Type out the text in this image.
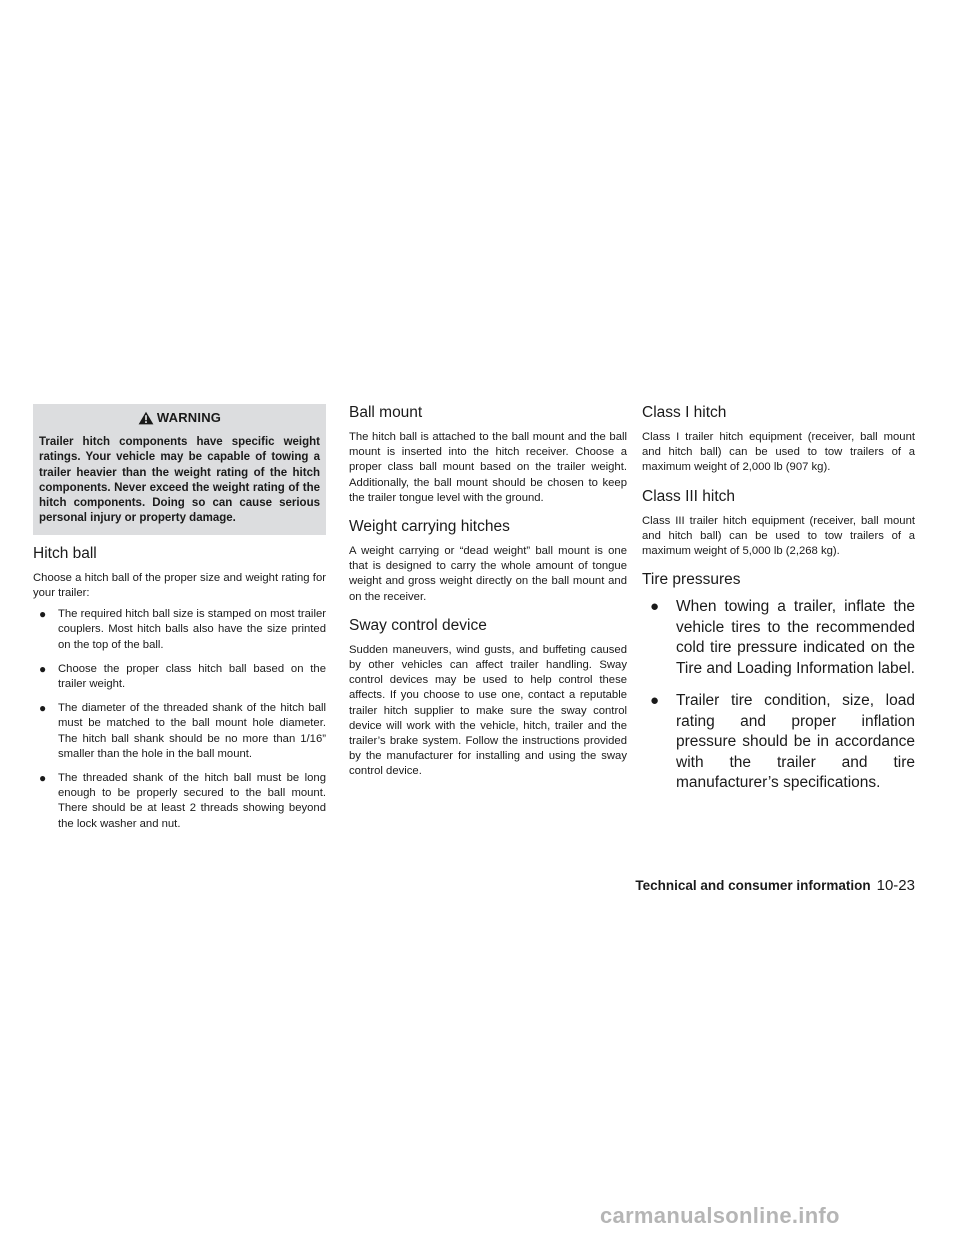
WARNING

Trailer hitch components have specific weight ratings. Your vehicle may be capable of towing a trailer heavier than the weight rating of the hitch components. Never exceed the weight rating of the hitch components. Doing so can cause serious personal injury or property damage.

Hitch ball

Choose a hitch ball of the proper size and weight rating for your trailer:

● The required hitch ball size is stamped on most trailer couplers. Most hitch balls also have the size printed on the top of the ball.
● Choose the proper class hitch ball based on the trailer weight.
● The diameter of the threaded shank of the hitch ball must be matched to the ball mount hole diameter. The hitch ball shank should be no more than 1/16” smaller than the hole in the ball mount.
● The threaded shank of the hitch ball must be long enough to be properly secured to the ball mount. There should be at least 2 threads showing beyond the lock washer and nut.
Ball mount

The hitch ball is attached to the ball mount and the ball mount is inserted into the hitch receiver. Choose a proper class ball mount based on the trailer weight. Additionally, the ball mount should be chosen to keep the trailer tongue level with the ground.

Weight carrying hitches

A weight carrying or “dead weight” ball mount is one that is designed to carry the whole amount of tongue weight and gross weight directly on the ball mount and on the receiver.

Sway control device

Sudden maneuvers, wind gusts, and buffeting caused by other vehicles can affect trailer handling. Sway control devices may be used to help control these affects. If you choose to use one, contact a reputable trailer hitch supplier to make sure the sway control device will work with the vehicle, hitch, trailer and the trailer’s brake system. Follow the instructions provided by the manufacturer for installing and using the sway control device.

Class I hitch

Class I trailer hitch equipment (receiver, ball mount and hitch ball) can be used to tow trailers of a maximum weight of 2,000 lb (907 kg).

Class III hitch

Class III trailer hitch equipment (receiver, ball mount and hitch ball) can be used to tow trailers of a maximum weight of 5,000 lb (2,268 kg).

Tire pressures
● When towing a trailer, inflate the vehicle tires to the recommended cold tire pressure indicated on the Tire and Loading Information label.
● Trailer tire condition, size, load rating and proper inflation pressure should be in accordance with the trailer and tire manufacturer’s specifications.
Technical and consumer information 10-23
carmanualsonline.info
